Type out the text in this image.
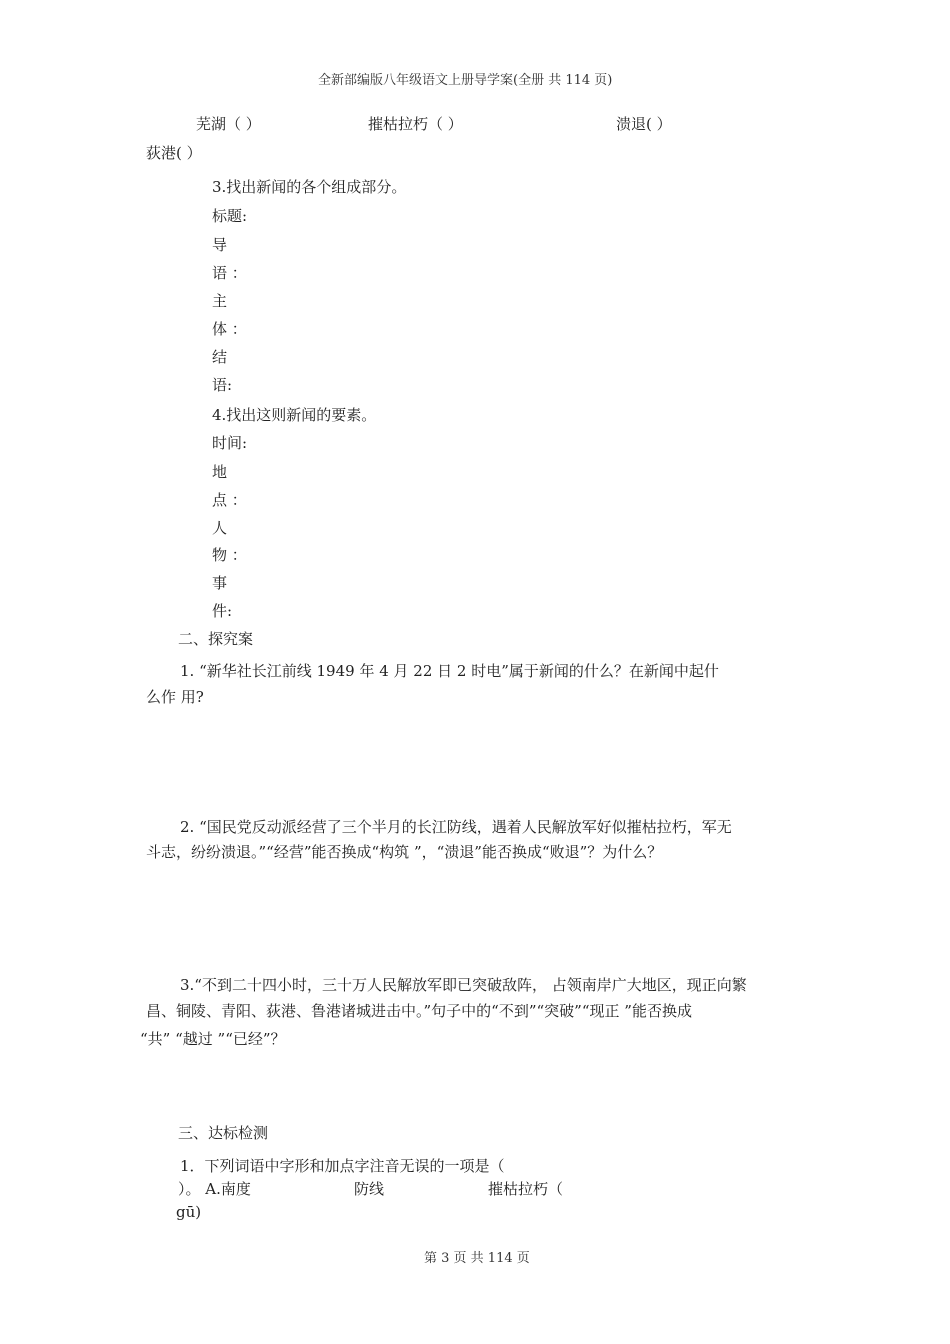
全新部编版八年级语文上册导学案(全册 共 114 页)
芜湖（ ）	摧枯拉朽（ ）	溃退( ）
荻港( ）
3.找出新闻的各个组成部分。
标题:
导
语 ：
主
体 ：
结
语:
4.找出这则新闻的要素。
时间:
地
点 ：
人
物 ：
事
件:
二、探究案
1. “新华社长江前线 1949 年 4 月 22 日 2 时电”属于新闻的什么？在新闻中起什
么作 用?
2. “国民党反动派经营了三个半月的长江防线，遇着人民解放军好似摧枯拉朽，军无
斗志，纷纷溃退。”“经营”能否换成“构筑 ”，“溃退”能否换成“败退”？为什么？
3.“不到二十四小时，三十万人民解放军即已突破敌阵， 占领南岸广大地区，现正向繁
昌、铜陵、青阳、荻港、鲁港诸城进击中。”句子中的“不到”“突破”“现正 ”能否换成
“共” “越过 ”“已经”？
三、达标检测
1．下列词语中字形和加点字注音无误的一项是（
）。 A.南度	防线	摧枯拉朽（
gū)
第 3 页 共 114 页
